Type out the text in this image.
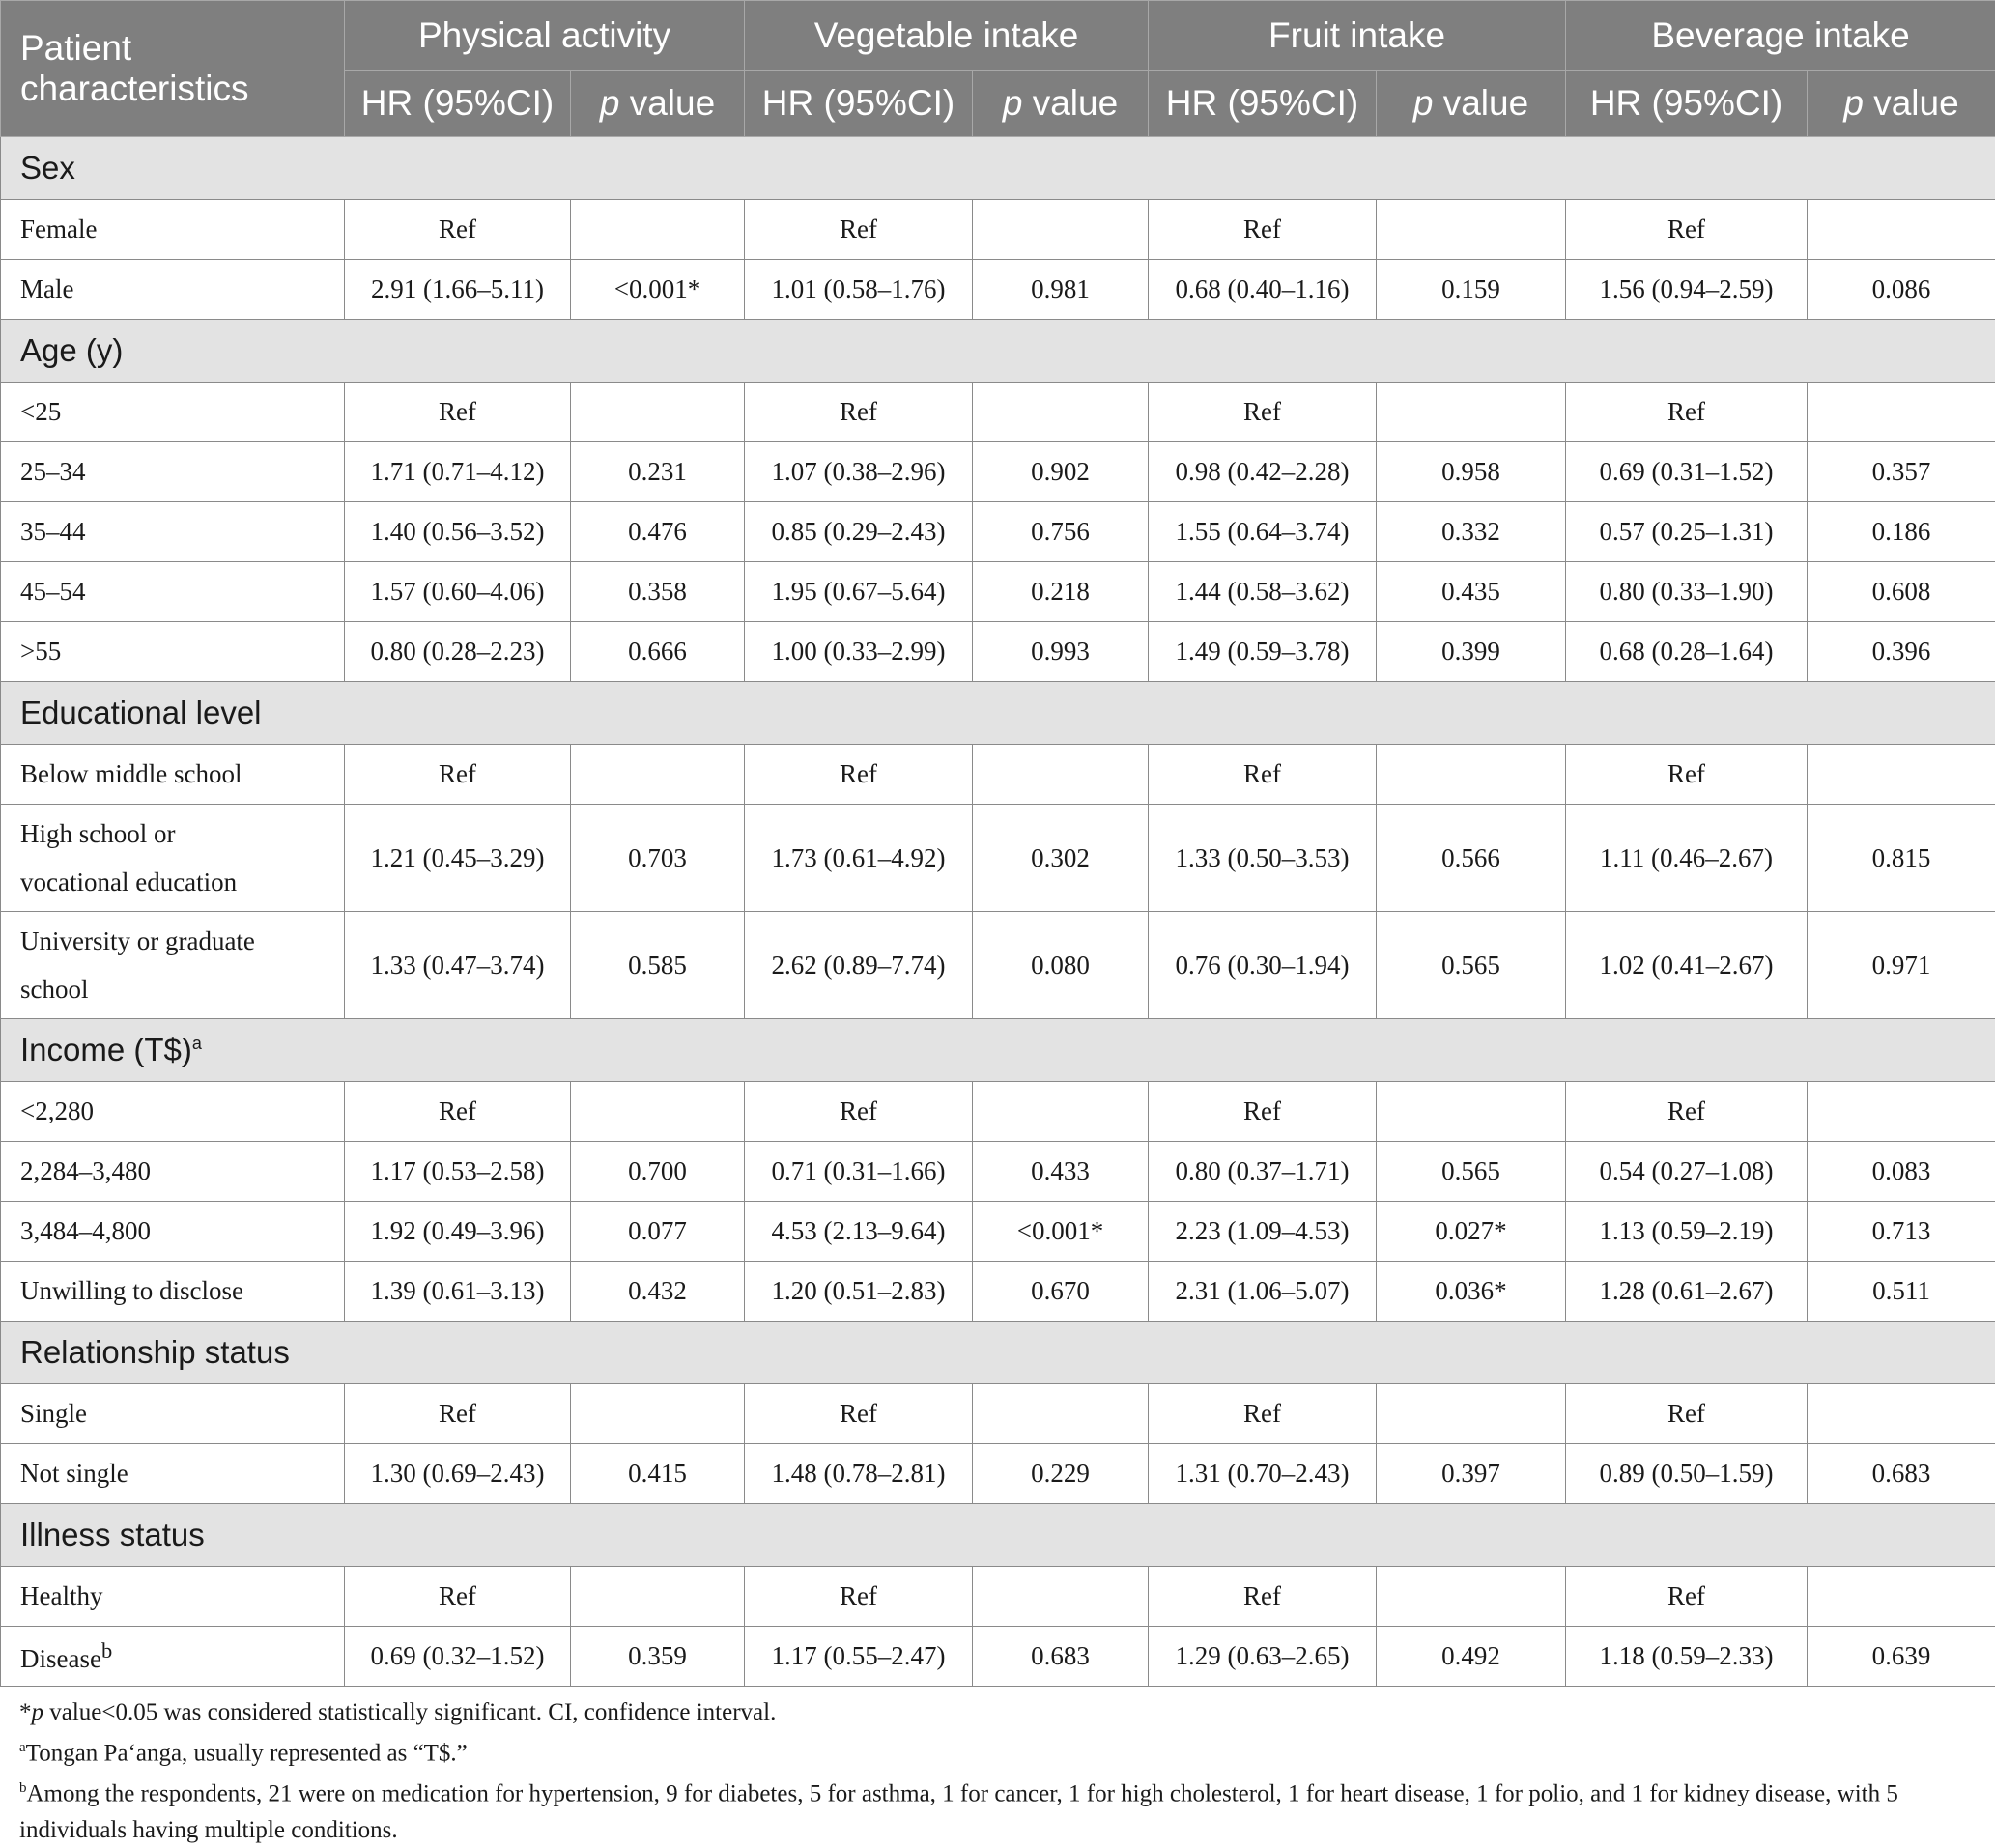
Patient characteristics	Physical activity		Vegetable intake		Fruit intake		Beverage intake	
	HR (95%CI)	p value	HR (95%CI)	p value	HR (95%CI)	p value	HR (95%CI)	p value
Sex								
Female	Ref		Ref		Ref		Ref	
Male	2.91 (1.66–5.11)	<0.001*	1.01 (0.58–1.76)	0.981	0.68 (0.40–1.16)	0.159	1.56 (0.94–2.59)	0.086
Age (y)								
<25	Ref		Ref		Ref		Ref	
25–34	1.71 (0.71–4.12)	0.231	1.07 (0.38–2.96)	0.902	0.98 (0.42–2.28)	0.958	0.69 (0.31–1.52)	0.357
35–44	1.40 (0.56–3.52)	0.476	0.85 (0.29–2.43)	0.756	1.55 (0.64–3.74)	0.332	0.57 (0.25–1.31)	0.186
45–54	1.57 (0.60–4.06)	0.358	1.95 (0.67–5.64)	0.218	1.44 (0.58–3.62)	0.435	0.80 (0.33–1.90)	0.608
>55	0.80 (0.28–2.23)	0.666	1.00 (0.33–2.99)	0.993	1.49 (0.59–3.78)	0.399	0.68 (0.28–1.64)	0.396
Educational level								
Below middle school	Ref		Ref		Ref		Ref	

High school or
vocational education	1.21 (0.45–3.29)	0.703	1.73 (0.61–4.92)	0.302	1.33 (0.50–3.53)	0.566	1.11 (0.46–2.67)	0.815

University or graduate
school	1.33 (0.47–3.74)	0.585	2.62 (0.89–7.74)	0.080	0.76 (0.30–1.94)	0.565	1.02 (0.41–2.67)	0.971
Income (T$)$^a$
<2,280	Ref		Ref		Ref		Ref	
2,284–3,480	1.17 (0.53–2.58)	0.700	0.71 (0.31–1.66)	0.433	0.80 (0.37–1.71)	0.565	0.54 (0.27–1.08)	0.083
3,484–4,800	1.92 (0.49–3.96)	0.077	4.53 (2.13–9.64)	<0.001*	2.23 (1.09–4.53)	0.027*	1.13 (0.59–2.19)	0.713
Unwilling to disclose	1.39 (0.61–3.13)	0.432	1.20 (0.51–2.83)	0.670	2.31 (1.06–5.07)	0.036*	1.28 (0.61–2.67)	0.511
Relationship status								
Single	Ref		Ref		Ref		Ref	
Not single	1.30 (0.69–2.43)	0.415	1.48 (0.78–2.81)	0.229	1.31 (0.70–2.43)	0.397	0.89 (0.50–1.59)	0.683
Illness status								
Healthy	Ref		Ref		Ref		Ref	
Disease$^b$	0.69 (0.32–1.52)	0.359	1.17 (0.55–2.47)	0.683	1.29 (0.63–2.65)	0.492	1.18 (0.59–2.33)	0.639
*p value<0.05 was considered statistically significant. CI, confidence interval.
$^a$Tongan Pa‘anga, usually represented as “T$.”
$^b$Among the respondents, 21 were on medication for hypertension, 9 for diabetes, 5 for asthma, 1 for cancer, 1 for high cholesterol, 1 for heart disease, 1 for polio, and 1 for kidney disease, with 5 individuals having multiple conditions.
